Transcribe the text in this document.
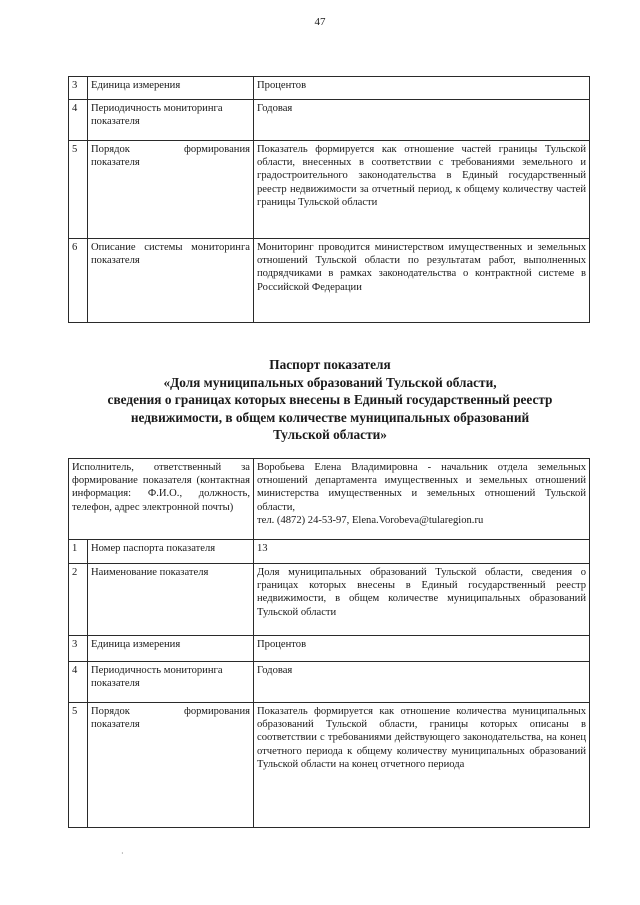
47
3	Единица измерения	Процентов
4	Периодичность мониторинга показателя	Годовая
5	Порядок формирования показателя	Показатель формируется как отношение частей границы Тульской области, внесенных в соответствии с требованиями земельного и градостроительного законодательства в Единый государственный реестр недвижимости за отчетный период, к общему количеству частей границы Тульской области
6	Описание системы мониторинга показателя	Мониторинг проводится министерством имущественных и земельных отношений Тульской области по результатам работ, выполненных подрядчиками в рамках законодательства о контрактной системе в Российской Федерации
Паспорт показателя
«Доля муниципальных образований Тульской области,
сведения о границах которых внесены в Единый государственный реестр
недвижимости, в общем количестве муниципальных образований
Тульской области»
Исполнитель, ответственный за формирование показателя (контактная информация: Ф.И.О., должность, телефон, адрес электронной почты)		Воробьева Елена Владимировна - начальник отдела земельных отношений департамента имущественных и земельных отношений министерства имущественных и земельных отношений Тульской области,
тел. (4872) 24-53-97, Elena.Vorobeva@tularegion.ru

1	Номер паспорта показателя	13
2	Наименование показателя	Доля муниципальных образований Тульской области, сведения о границах которых внесены в Единый государственный реестр недвижимости, в общем количестве муниципальных образований Тульской области
3	Единица измерения	Процентов
4	Периодичность мониторинга показателя	Годовая
5	Порядок формирования показателя	Показатель формируется как отношение количества муниципальных образований Тульской области, границы которых описаны в соответствии с требованиями действующего законодательства, на конец отчетного периода к общему количеству муниципальных образований Тульской области на конец отчетного периода
·
